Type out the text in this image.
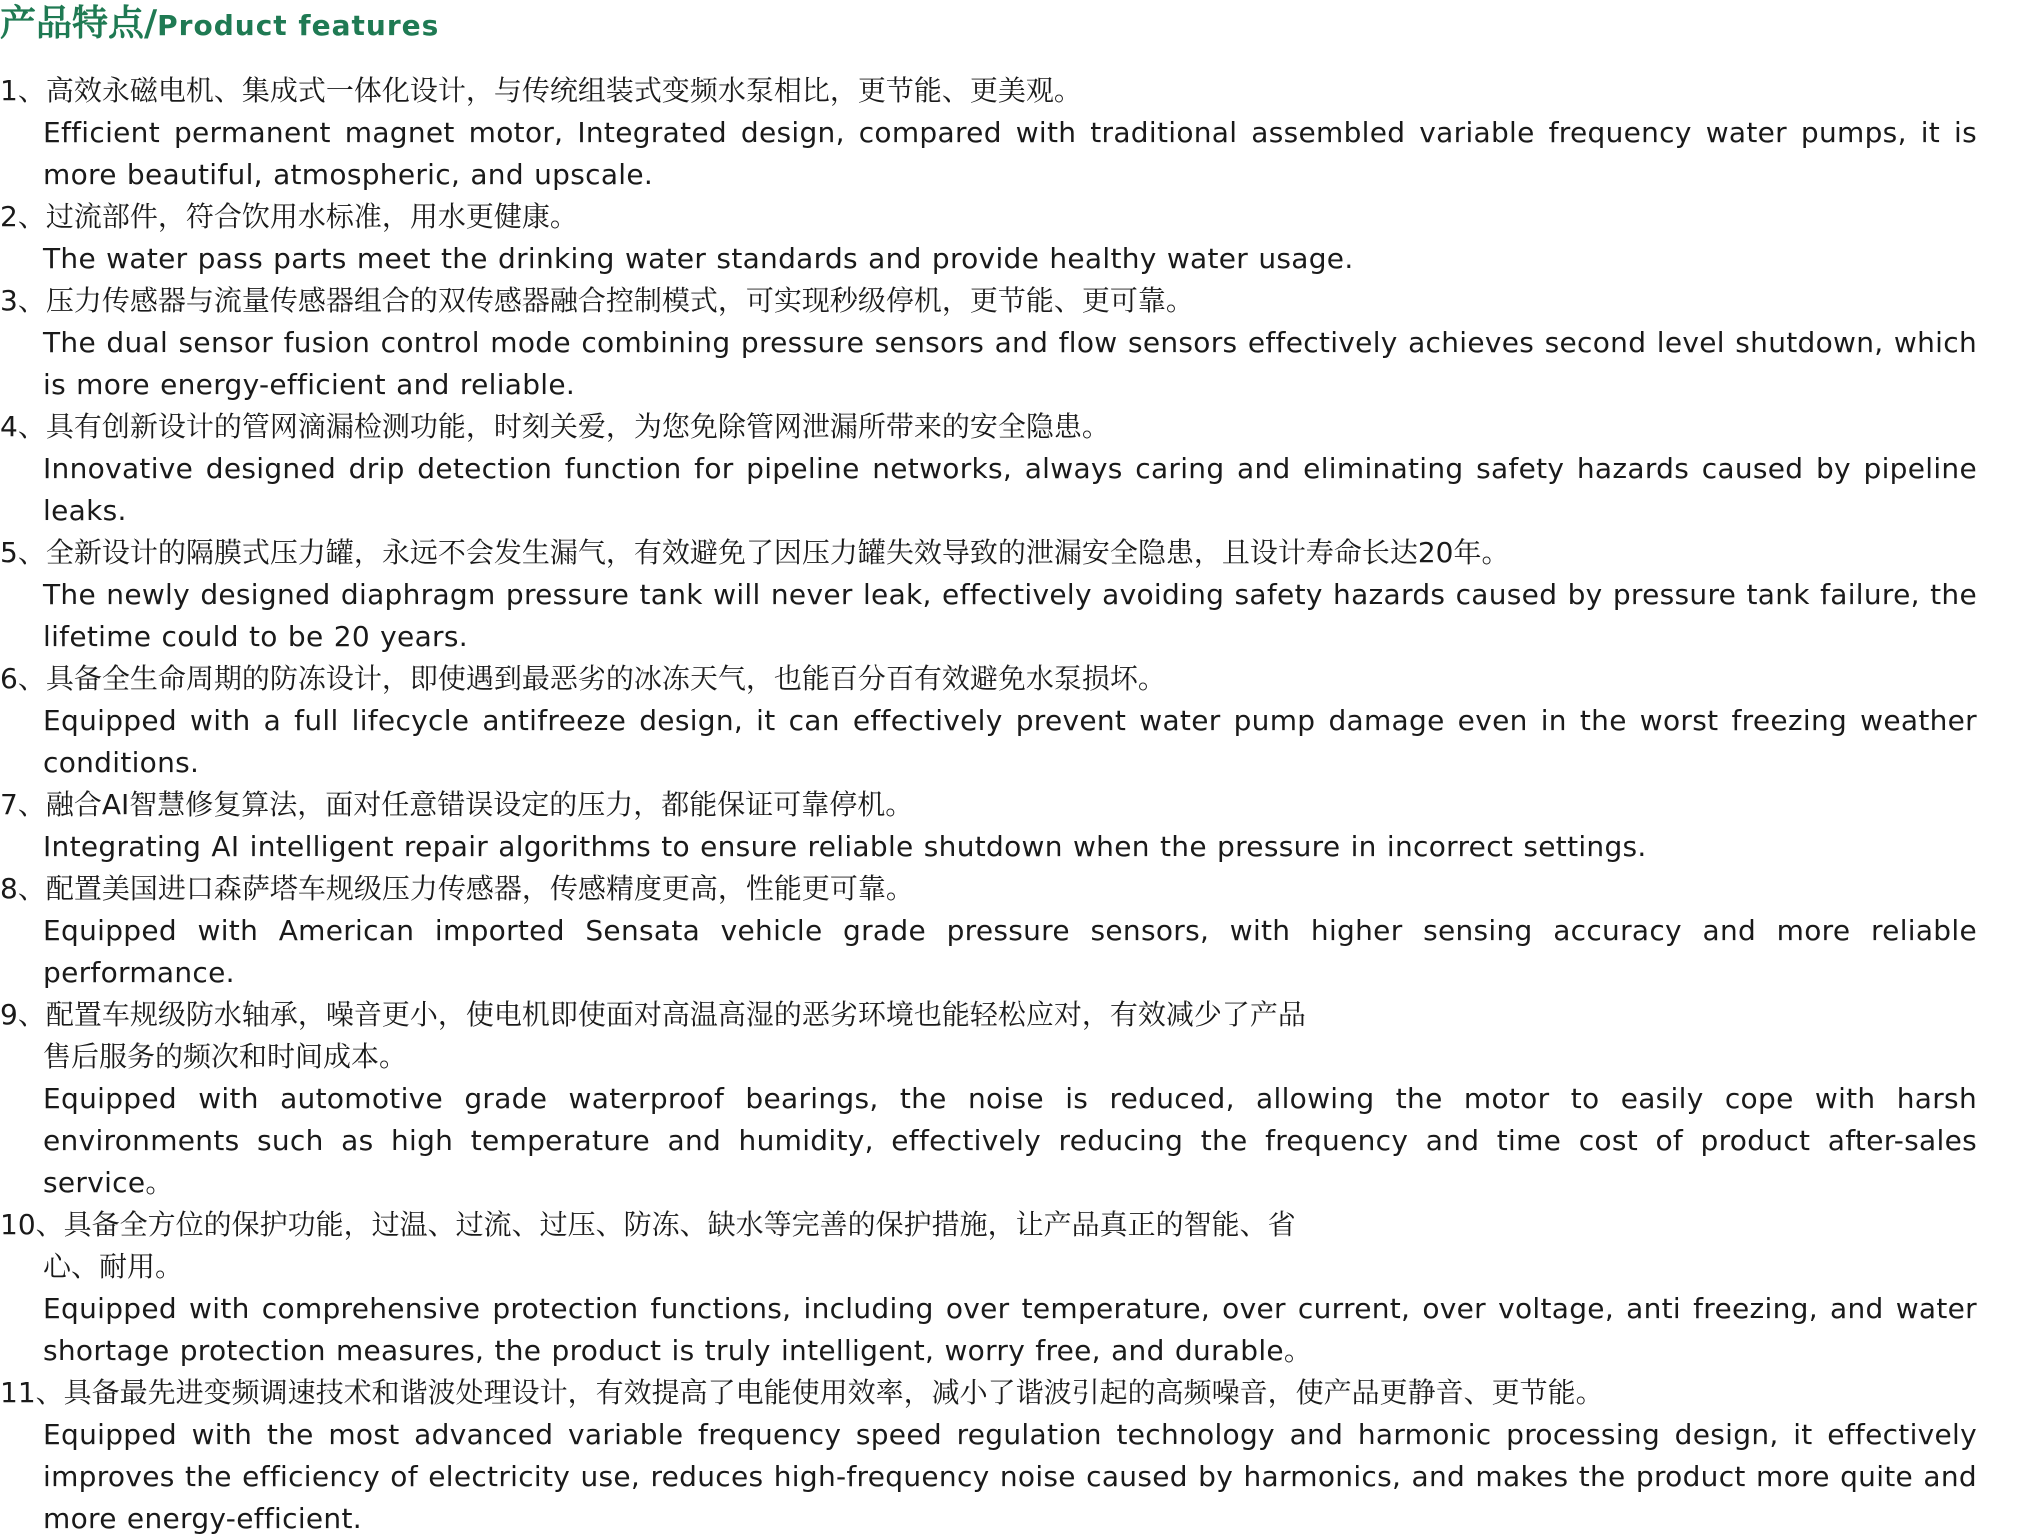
产品特点/Product features
1、高效永磁电机、集成式一体化设计，与传统组装式变频水泵相比，更节能、更美观。
Efficient permanent magnet motor, Integrated design, compared with traditional assembled variable frequency water pumps, it is more beautiful, atmospheric, and upscale.
2、过流部件，符合饮用水标准，用水更健康。
The water pass parts meet the drinking water standards and provide healthy water usage.
3、压力传感器与流量传感器组合的双传感器融合控制模式，可实现秒级停机，更节能、更可靠。
The dual sensor fusion control mode combining pressure sensors and flow sensors effectively achieves second level shutdown, which is more energy-efficient and reliable.
4、具有创新设计的管网滴漏检测功能，时刻关爱，为您免除管网泄漏所带来的安全隐患。
Innovative designed drip detection function for pipeline networks, always caring and eliminating safety hazards caused by pipeline leaks.
5、全新设计的隔膜式压力罐，永远不会发生漏气，有效避免了因压力罐失效导致的泄漏安全隐患，且设计寿命长达20年。
The newly designed diaphragm pressure tank will never leak, effectively avoiding safety hazards caused by pressure tank failure, the lifetime could to be 20 years.
6、具备全生命周期的防冻设计，即使遇到最恶劣的冰冻天气，也能百分百有效避免水泵损坏。
Equipped with a full lifecycle antifreeze design, it can effectively prevent water pump damage even in the worst freezing weather conditions.
7、融合AI智慧修复算法，面对任意错误设定的压力，都能保证可靠停机。
Integrating AI intelligent repair algorithms to ensure reliable shutdown when the pressure in incorrect settings.
8、配置美国进口森萨塔车规级压力传感器，传感精度更高，性能更可靠。
Equipped with American imported Sensata vehicle grade pressure sensors, with higher sensing accuracy and more reliable performance.
9、配置车规级防水轴承，噪音更小，使电机即使面对高温高湿的恶劣环境也能轻松应对，有效减少了产品
售后服务的频次和时间成本。
Equipped with automotive grade waterproof bearings, the noise is reduced, allowing the motor to easily cope with harsh environments such as high temperature and humidity, effectively reducing the frequency and time cost of product after-sales service。
10、具备全方位的保护功能，过温、过流、过压、防冻、缺水等完善的保护措施，让产品真正的智能、省
心、耐用。
Equipped with comprehensive protection functions, including over temperature, over current, over voltage, anti freezing, and water shortage protection measures, the product is truly intelligent, worry free, and durable。
11、具备最先进变频调速技术和谐波处理设计，有效提高了电能使用效率，减小了谐波引起的高频噪音，使产品更静音、更节能。
Equipped with the most advanced variable frequency speed regulation technology and harmonic processing design, it effectively improves the efficiency of electricity use, reduces high-frequency noise caused by harmonics, and makes the product more quite and more energy-efficient.
